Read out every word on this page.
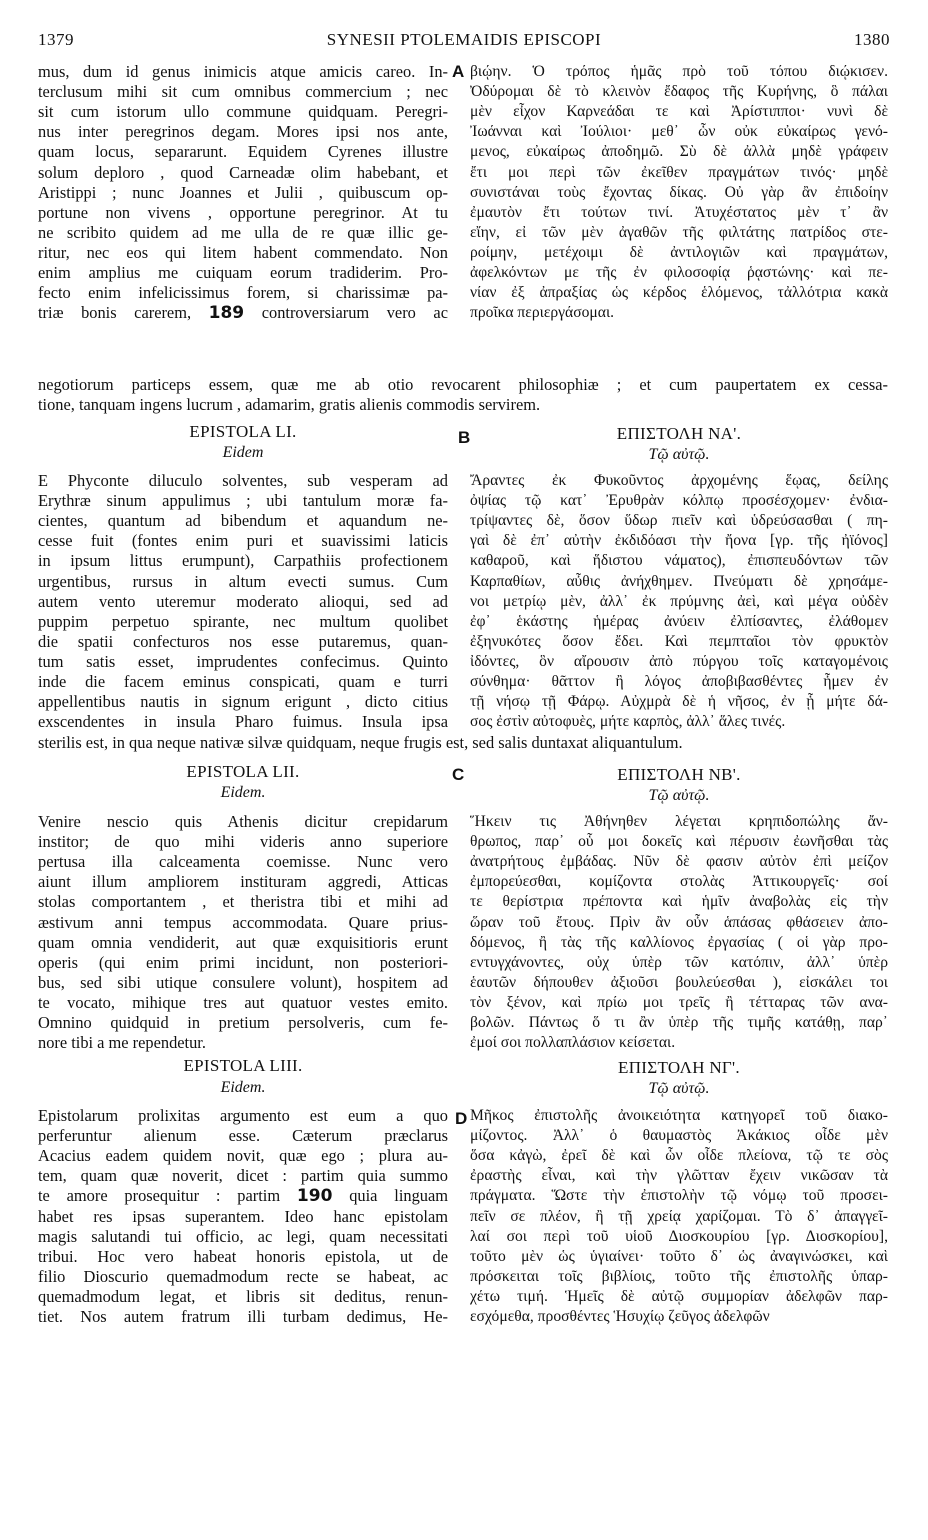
1379	SYNESII PTOLEMAIDIS EPISCOPI	1380
mus, dum id genus inimicis atque amicis careo. In-
terclusum mihi sit cum omnibus commercium ; nec
sit cum istorum ullo commune quidquam. Peregri-
nus inter peregrinos degam. Mores ipsi nos ante,
quam locus, separarunt. Equidem Cyrenes illustre
solum deploro , quod Carneadæ olim habebant, et
Aristippi ; nunc Joannes et Julii , quibuscum op-
portune non vivens , opportune peregrinor. At tu
ne scribito quidem ad me ulla de re quæ illic ge-
ritur, nec eos qui litem habent commendato. Non
enim amplius me cuiquam eorum tradiderim. Pro-
fecto enim infelicissimus forem, si charissimæ pa-
triæ bonis carerem, 189 controversiarum vero ac
βιῴην. Ὁ τρόπος ἡμᾶς πρὸ τοῦ τόπου διῴκισεν.
Ὀδύρομαι δὲ τὸ κλεινὸν ἔδαφος τῆς Κυρήνης, ὃ πάλαι
μὲν εἶχον Καρνεάδαι τε καὶ Ἀρίστιπποι· νυνὶ δὲ
Ἰωάνναι καὶ Ἰούλιοι· μεθ᾽ ὧν οὐκ εὐκαίρως γενό-
μενος, εὐκαίρως ἀποδημῶ. Σὺ δὲ ἀλλὰ μηδὲ γράφειν
ἔτι μοι περὶ τῶν ἐκεῖθεν πραγμάτων τινός· μηδὲ
συνιστάναι τοὺς ἔχοντας δίκας. Οὐ γὰρ ἂν ἐπιδοίην
ἐμαυτὸν ἔτι τούτων τινί. Ἀτυχέστατος μὲν τ᾽ ἂν
εἴην, εἰ τῶν μὲν ἀγαθῶν τῆς φιλτάτης πατρίδος στε-
ροίμην, μετέχοιμι δὲ ἀντιλογιῶν καὶ πραγμάτων,
ἀφελκόντων με τῆς ἐν φιλοσοφίᾳ ῥᾳστώνης· καὶ πε-
νίαν ἐξ ἀπραξίας ὡς κέρδος ἑλόμενος, τἀλλότρια κακὰ
προῖκα περιεργάσομαι.
A
negotiorum particeps essem, quæ me ab otio revocarent philosophiæ ; et cum paupertatem ex cessa-
tione, tanquam ingens lucrum , adamarim, gratis alienis commodis servirem.
B
EPISTOLA LI.
Eidem
ΕΠΙΣΤΟΛΗ ΝΑ'.
Τῷ αὐτῷ.
E Phyconte diluculo solventes, sub vesperam ad
Erythræ sinum appulimus ; ubi tantulum moræ fa-
cientes, quantum ad bibendum et aquandum ne-
cesse fuit (fontes enim puri et suavissimi laticis
in ipsum littus erumpunt), Carpathiis profectionem
urgentibus, rursus in altum evecti sumus. Cum
autem vento uteremur moderato alioqui, sed ad
puppim perpetuo spirante, nec multum quolibet
die spatii confecturos nos esse putaremus, quan-
tum satis esset, imprudentes confecimus. Quinto
inde die facem eminus conspicati, quam e turri
appellentibus nautis in signum erigunt , dicto citius
exscendentes in insula Pharo fuimus. Insula ipsa
Ἄραντες ἐκ Φυκοῦντος ἀρχομένης ἕῳας, δείλης
ὀψίας τῷ κατ᾽ Ἐρυθρὰν κόλπῳ προσέσχομεν· ἐνδια-
τρίψαντες δὲ, ὅσον ὕδωρ πιεῖν καὶ ὑδρεύσασθαι ( πη-
γαὶ δὲ ἐπ᾽ αὐτὴν ἐκδιδόασι τὴν ἤονα [γρ. τῆς ἠϊόνος]
καθαροῦ, καὶ ἥδιστου νάματος), ἐπισπευδόντων τῶν
Καρπαθίων, αὖθις ἀνήχθημεν. Πνεύματι δὲ χρησάμε-
νοι μετρίῳ μὲν, ἀλλ᾽ ἐκ πρύμνης ἀεὶ, καὶ μέγα οὐδὲν
ἐφ᾽ ἑκάστης ἡμέρας ἀνύειν ἐλπίσαντες, ἐλάθομεν
ἐξηνυκότες ὅσον ἔδει. Καὶ πεμπταῖοι τὸν φρυκτὸν
ἰδόντες, ὃν αἴρουσιν ἀπὸ πύργου τοῖς καταγομένοις
σύνθημα· θᾶττον ἢ λόγος ἀποβιβασθέντες ἦμεν ἐν
τῇ νήσῳ τῇ Φάρῳ. Αὐχμρὰ δὲ ἡ νῆσος, ἐν ᾗ μήτε δά-
σος ἐστὶν αὐτοφυὲς, μήτε καρπὸς, ἀλλ᾽ ἅλες τινές.
sterilis est, in qua neque nativæ silvæ quidquam, neque frugis est, sed salis duntaxat aliquantulum.
C
EPISTOLA LII.
Eidem.
ΕΠΙΣΤΟΛΗ ΝΒ'.
Τῷ αὐτῷ.
Venire nescio quis Athenis dicitur crepidarum
institor; de quo mihi videris anno superiore
pertusa illa calceamenta coemisse. Nunc vero
aiunt illum ampliorem instituram aggredi, Atticas
stolas comportantem , et theristra tibi et mihi ad
æstivum anni tempus accommodata. Quare prius-
quam omnia vendiderit, aut quæ exquisitioris erunt
operis (qui enim primi incidunt, non posteriori-
bus, sed sibi utique consulere volunt), hospitem ad
te vocato, mihique tres aut quatuor vestes emito.
Omnino quidquid in pretium persolveris, cum fe-
nore tibi a me rependetur.
Ἥκειν τις Ἀθήνηθεν λέγεται κρηπιδοπώλης ἄν-
θρωπος, παρ᾽ οὗ μοι δοκεῖς καὶ πέρυσιν ἐωνῆσθαι τὰς
ἀνατρήτους ἐμβάδας. Νῦν δὲ φασιν αὐτὸν ἐπὶ μείζον
ἐμπορεύεσθαι, κομίζοντα στολὰς Ἀττικουργεῖς· σοί
τε θερίστρια πρέποντα καὶ ἡμῖν ἀναβολὰς εἰς τὴν
ὥραν τοῦ ἔτους. Πρὶν ἂν οὖν ἁπάσας φθάσειεν ἀπο-
δόμενος, ἢ τὰς τῆς καλλίονος ἐργασίας ( οἱ γὰρ προ-
εντυγχάνοντες, οὐχ ὑπὲρ τῶν κατόπιν, ἀλλ᾽ ὑπὲρ
ἑαυτῶν δήπουθεν ἀξιοῦσι βουλεύεσθαι ), εἰσκάλει τοι
τὸν ξένον, καὶ πρίω μοι τρεῖς ἢ τέτταρας τῶν ανα-
βολῶν. Πάντως ὅ τι ἂν ὑπὲρ τῆς τιμῆς κατάθῃ, παρ᾽
ἐμοί σοι πολλαπλάσιον κείσεται.
EPISTOLA LIII.
Eidem.
ΕΠΙΣΤΟΛΗ ΝΓ'.
Τῷ αὐτῷ.
D
Epistolarum prolixitas argumento est eum a quo
perferuntur alienum esse. Cæterum præclarus
Acacius eadem quidem novit, quæ ego ; plura au-
tem, quam quæ noverit, dicet : partim quia summo
te amore prosequitur : partim 190 quia linguam
habet res ipsas superantem. Ideo hanc epistolam
magis salutandi tui officio, ac legi, quam necessitati
tribui. Hoc vero habeat honoris epistola, ut de
filio Dioscurio quemadmodum recte se habeat, ac
quemadmodum legat, et libris sit deditus, renun-
tiet. Nos autem fratrum illi turbam dedimus, He-
Μῆκος ἐπιστολῆς ἀνοικειότητα κατηγορεῖ τοῦ διακο-
μίζοντος. Ἀλλ᾽ ὁ θαυμαστὸς Ἀκάκιος οἶδε μὲν
ὅσα κἀγὼ, ἐρεῖ δὲ καὶ ὧν οἶδε πλείονα, τῷ τε σὸς
ἐραστὴς εἶναι, καὶ τὴν γλῶτταν ἔχειν νικῶσαν τὰ
πράγματα. Ὥστε τὴν ἐπιστολὴν τῷ νόμῳ τοῦ προσει-
πεῖν σε πλέον, ἢ τῇ χρείᾳ χαρίζομαι. Τὸ δ᾽ ἀπαγγεῖ-
λαί σοι περὶ τοῦ υἱοῦ Διοσκουρίου [γρ. Διοσκορίου],
τοῦτο μὲν ὡς ὑγιαίνει· τοῦτο δ᾽ ὡς ἀναγινώσκει, καὶ
πρόσκειται τοῖς βιβλίοις, τοῦτο τῆς ἐπιστολῆς ὑπαρ-
χέτω τιμή. Ἡμεῖς δὲ αὐτῷ συμμορίαν ἀδελφῶν παρ-
εσχόμεθα, προσθέντες Ἡσυχίῳ ζεῦγος ἀδελφῶν
